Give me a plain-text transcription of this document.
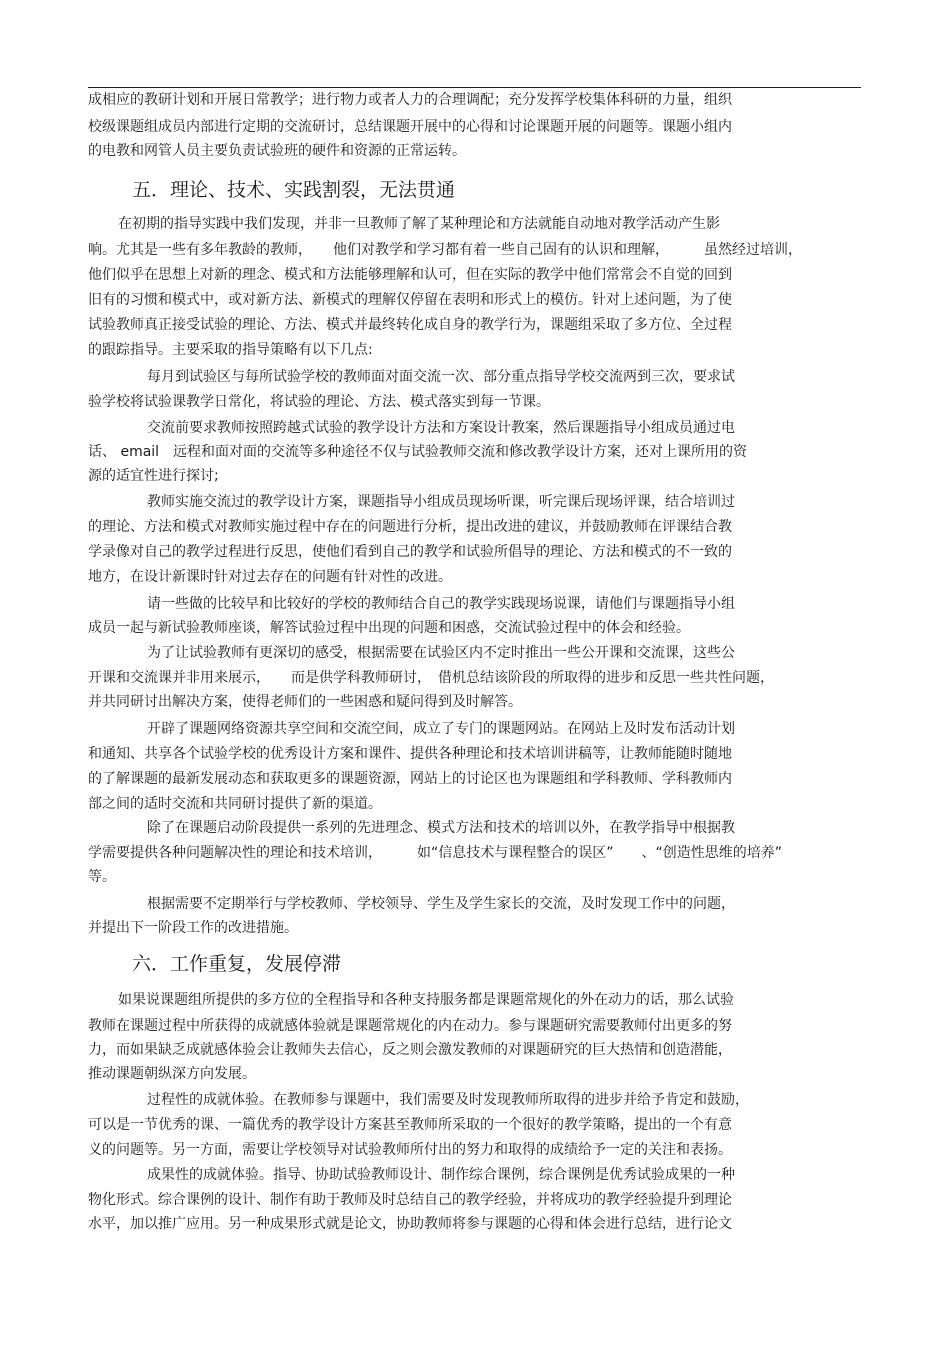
成相应的教研计划和开展日常教学；进行物力或者人力的合理调配；充分发挥学校集体科研的力量，组织
校级课题组成员内部进行定期的交流研讨，总结课题开展中的心得和讨论课题开展的问题等。课题小组内
的电教和网管人员主要负责试验班的硬件和资源的正常运转。
五．理论、技术、实践割裂，无法贯通
在初期的指导实践中我们发现，并非一旦教师了解了某种理论和方法就能自动地对教学活动产生影
响。尤其是一些有多年教龄的教师，　　他们对教学和学习都有着一些自己固有的认识和理解，　　　虽然经过培训，
他们似乎在思想上对新的理念、模式和方法能够理解和认可，但在实际的教学中他们常常会不自觉的回到
旧有的习惯和模式中，或对新方法、新模式的理解仅停留在表明和形式上的模仿。针对上述问题，为了使
试验教师真正接受试验的理论、方法、模式并最终转化成自身的教学行为，课题组采取了多方位、全过程
的跟踪指导。主要采取的指导策略有以下几点:
每月到试验区与每所试验学校的教师面对面交流一次、部分重点指导学校交流两到三次，要求试
验学校将试验课教学日常化，将试验的理论、方法、模式落实到每一节课。
交流前要求教师按照跨越式试验的教学设计方法和方案设计教案，然后课题指导小组成员通过电
话、 email　远程和面对面的交流等多种途径不仅与试验教师交流和修改教学设计方案，还对上课所用的资
源的适宜性进行探讨;
教师实施交流过的教学设计方案，课题指导小组成员现场听课，听完课后现场评课，结合培训过
的理论、方法和模式对教师实施过程中存在的问题进行分析，提出改进的建议，并鼓励教师在评课结合教
学录像对自己的教学过程进行反思，使他们看到自己的教学和试验所倡导的理论、方法和模式的不一致的
地方，在设计新课时针对过去存在的问题有针对性的改进。
请一些做的比较早和比较好的学校的教师结合自己的教学实践现场说课，请他们与课题指导小组
成员一起与新试验教师座谈，解答试验过程中出现的问题和困惑，交流试验过程中的体会和经验。
为了让试验教师有更深切的感受，根据需要在试验区内不定时推出一些公开课和交流课，这些公
开课和交流课并非用来展示，　　而是供学科教师研讨，　借机总结该阶段的所取得的进步和反思一些共性问题，
并共同研讨出解决方案，使得老师们的一些困惑和疑问得到及时解答。
开辟了课题网络资源共享空间和交流空间，成立了专门的课题网站。在网站上及时发布活动计划
和通知、共享各个试验学校的优秀设计方案和课件、提供各种理论和技术培训讲稿等，让教师能随时随地
的了解课题的最新发展动态和获取更多的课题资源，网站上的讨论区也为课题组和学科教师、学科教师内
部之间的适时交流和共同研讨提供了新的渠道。
除了在课题启动阶段提供一系列的先进理念、模式方法和技术的培训以外，在教学指导中根据教
学需要提供各种问题解决性的理论和技术培训，　　　如“信息技术与课程整合的误区”　　、“创造性思维的培养”
等。
根据需要不定期举行与学校教师、学校领导、学生及学生家长的交流，及时发现工作中的问题，
并提出下一阶段工作的改进措施。
六．工作重复，发展停滞
如果说课题组所提供的多方位的全程指导和各种支持服务都是课题常规化的外在动力的话，那么试验
教师在课题过程中所获得的成就感体验就是课题常规化的内在动力。参与课题研究需要教师付出更多的努
力，而如果缺乏成就感体验会让教师失去信心，反之则会激发教师的对课题研究的巨大热情和创造潜能，
推动课题朝纵深方向发展。
过程性的成就体验。在教师参与课题中，我们需要及时发现教师所取得的进步并给予肯定和鼓励，
可以是一节优秀的课、一篇优秀的教学设计方案甚至教师所采取的一个很好的教学策略，提出的一个有意
义的问题等。另一方面，需要让学校领导对试验教师所付出的努力和取得的成绩给予一定的关注和表扬。
成果性的成就体验。指导、协助试验教师设计、制作综合课例，综合课例是优秀试验成果的一种
物化形式。综合课例的设计、制作有助于教师及时总结自己的教学经验，并将成功的教学经验提升到理论
水平，加以推广应用。另一种成果形式就是论文，协助教师将参与课题的心得和体会进行总结，进行论文
